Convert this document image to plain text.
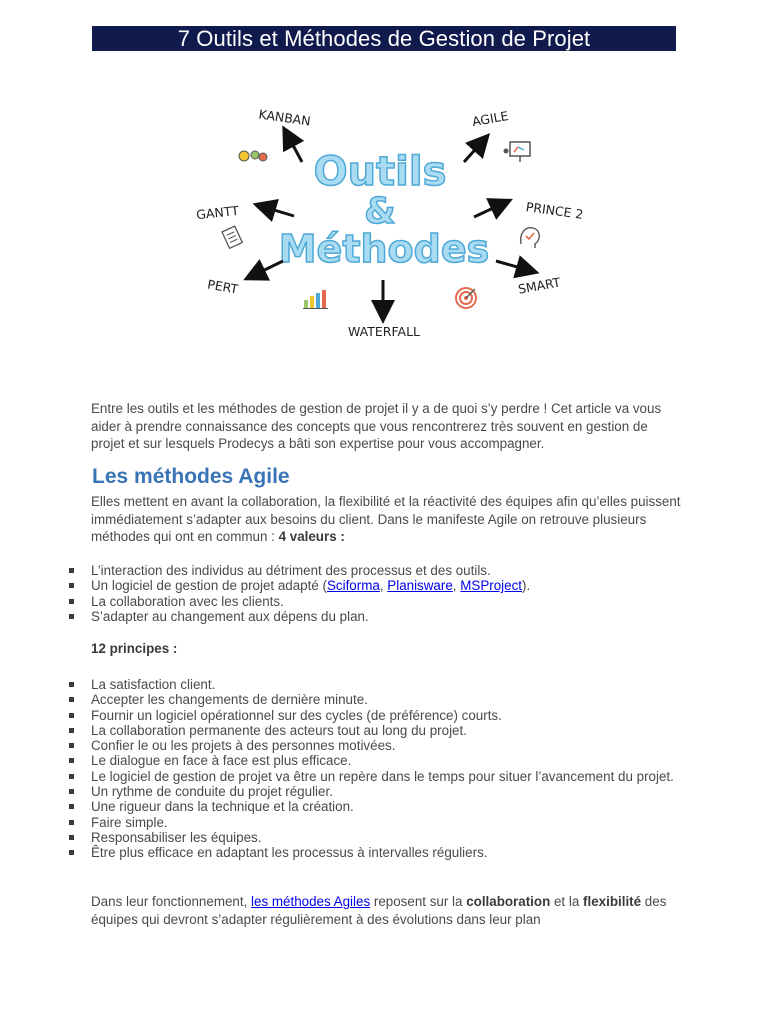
7 Outils et Méthodes de Gestion de Projet
Outils
&
Méthodes
KANBAN	AGILE
GANTT	PRINCE 2
PERT	SMART
WATERFALL
Entre les outils et les méthodes de gestion de projet il y a de quoi s’y perdre ! Cet article va vous aider à prendre connaissance des concepts que vous rencontrerez très souvent en gestion de projet et sur lesquels Prodecys a bâti son expertise pour vous accompagner.
Les méthodes Agile
Elles mettent en avant la collaboration, la flexibilité et la réactivité des équipes afin qu’elles puissent immédiatement s’adapter aux besoins du client. Dans le manifeste Agile on retrouve plusieurs méthodes qui ont en commun : 4 valeurs :
L’interaction des individus au détriment des processus et des outils.
Un logiciel de gestion de projet adapté (Sciforma, Planisware, MSProject).
La collaboration avec les clients.
S’adapter au changement aux dépens du plan.
12 principes :
La satisfaction client.
Accepter les changements de dernière minute.
Fournir un logiciel opérationnel sur des cycles (de préférence) courts.
La collaboration permanente des acteurs tout au long du projet.
Confier le ou les projets à des personnes motivées.
Le dialogue en face à face est plus efficace.
Le logiciel de gestion de projet va être un repère dans le temps pour situer l’avancement du projet.
Un rythme de conduite du projet régulier.
Une rigueur dans la technique et la création.
Faire simple.
Responsabiliser les équipes.
Être plus efficace en adaptant les processus à intervalles réguliers.
Dans leur fonctionnement, les méthodes Agiles reposent sur la collaboration et la flexibilité des équipes qui devront s’adapter régulièrement à des évolutions dans leur plan
